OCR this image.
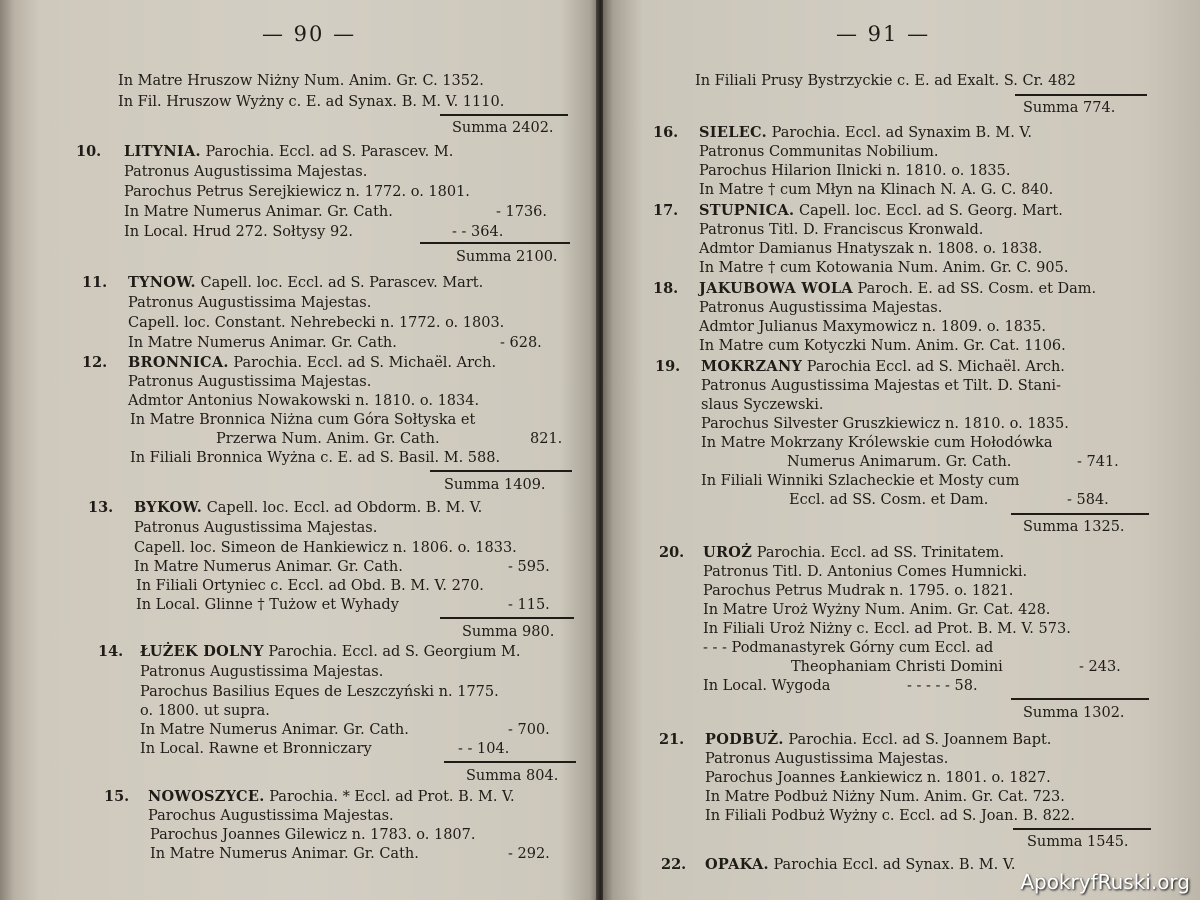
— 90 —
In Matre Hruszow Niżny Num. Anim. Gr. C. 1352.
In Fil. Hruszow Wyżny c. E. ad Synax. B. M. V. 1110.
Summa 2402.
10. LITYNIA. Parochia. Eccl. ad S. Parascev. M.
Patronus Augustissima Majestas.
Parochus Petrus Serejkiewicz n. 1772. o. 1801.
In Matre Numerus Animar. Gr. Cath.	- 1736.
In Local. Hrud 272. Sołtysy 92.	- - 364.
Summa 2100.
11. TYNOW. Capell. loc. Eccl. ad S. Parascev. Mart.
Patronus Augustissima Majestas.
Capell. loc. Constant. Nehrebecki n. 1772. o. 1803.
In Matre Numerus Animar. Gr. Cath.	- 628.
12. BRONNICA. Parochia. Eccl. ad S. Michaël. Arch.
Patronus Augustissima Majestas.
Admtor Antonius Nowakowski n. 1810. o. 1834.
In Matre Bronnica Niżna cum Góra Sołtyska et
Przerwa Num. Anim. Gr. Cath.	821.
In Filiali Bronnica Wyżna c. E. ad S. Basil. M. 588.
Summa 1409.
13. BYKOW. Capell. loc. Eccl. ad Obdorm. B. M. V.
Patronus Augustissima Majestas.
Capell. loc. Simeon de Hankiewicz n. 1806. o. 1833.
In Matre Numerus Animar. Gr. Cath.	- 595.
In Filiali Ortyniec c. Eccl. ad Obd. B. M. V. 270.
In Local. Glinne † Tużow et Wyhady	- 115.
Summa 980.
14. ŁUŻEK DOLNY Parochia. Eccl. ad S. Georgium M.
Patronus Augustissima Majestas.
Parochus Basilius Eques de Leszczyński n. 1775.
o. 1800. ut supra.
In Matre Numerus Animar. Gr. Cath.	- 700.
In Local. Rawne et Bronniczary	- - 104.
Summa 804.
15. NOWOSZYCE. Parochia. * Eccl. ad Prot. B. M. V.
Parochus Augustissima Majestas.
Parochus Joannes Gilewicz n. 1783. o. 1807.
In Matre Numerus Animar. Gr. Cath.	- 292.
— 91 —
In Filiali Prusy Bystrzyckie c. E. ad Exalt. S. Cr. 482
Summa 774.
16. SIELEC. Parochia. Eccl. ad Synaxim B. M. V.
Patronus Communitas Nobilium.
Parochus Hilarion Ilnicki n. 1810. o. 1835.
In Matre † cum Młyn na Klinach N. A. G. C. 840.
17. STUPNICA. Capell. loc. Eccl. ad S. Georg. Mart.
Patronus Titl. D. Franciscus Kronwald.
Admtor Damianus Hnatyszak n. 1808. o. 1838.
In Matre † cum Kotowania Num. Anim. Gr. C. 905.
18. JAKUBOWA WOLA Paroch. E. ad SS. Cosm. et Dam.
Patronus Augustissima Majestas.
Admtor Julianus Maxymowicz n. 1809. o. 1835.
In Matre cum Kotyczki Num. Anim. Gr. Cat. 1106.
19. MOKRZANY Parochia Eccl. ad S. Michaël. Arch.
Patronus Augustissima Majestas et Tilt. D. Stani-
slaus Syczewski.
Parochus Silvester Gruszkiewicz n. 1810. o. 1835.
In Matre Mokrzany Królewskie cum Hołodówka
Numerus Animarum. Gr. Cath.	- 741.
In Filiali Winniki Szlacheckie et Mosty cum
Eccl. ad SS. Cosm. et Dam.	- 584.
Summa 1325.
20. UROŻ Parochia. Eccl. ad SS. Trinitatem.
Patronus Titl. D. Antonius Comes Humnicki.
Parochus Petrus Mudrak n. 1795. o. 1821.
In Matre Uroż Wyżny Num. Anim. Gr. Cat. 428.
In Filiali Uroż Niżny c. Eccl. ad Prot. B. M. V. 573.
- - - Podmanastyrek Górny cum Eccl. ad
Theophaniam Christi Domini	- 243.
In Local. Wygoda	- - - - - 58.
Summa 1302.
21. PODBUŻ. Parochia. Eccl. ad S. Joannem Bapt.
Patronus Augustissima Majestas.
Parochus Joannes Łankiewicz n. 1801. o. 1827.
In Matre Podbuż Niżny Num. Anim. Gr. Cat. 723.
In Filiali Podbuż Wyżny c. Eccl. ad S. Joan. B. 822.
Summa 1545.
22. OPAKA. Parochia Eccl. ad Synax. B. M. V.
ApokryfRuski.org
